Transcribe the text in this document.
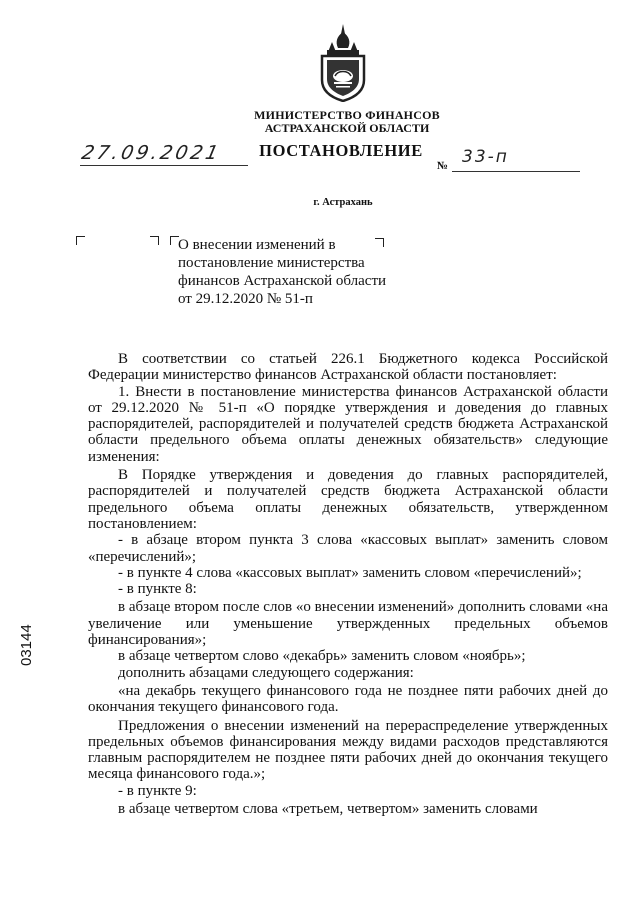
МИНИСТЕРСТВО ФИНАНСОВ
АСТРАХАНСКОЙ ОБЛАСТИ
ПОСТАНОВЛЕНИЕ
27.09.2021
№ 33-п
г. Астрахань
О внесении изменений в постановление министерства финансов Астраханской области от 29.12.2020 № 51-п

В соответствии со статьей 226.1 Бюджетного кодекса Российской Федерации министерство финансов Астраханской области постановляет:

1. Внести в постановление министерства финансов Астраханской области от 29.12.2020 № 51-п «О порядке утверждения и доведения до главных распорядителей, распорядителей и получателей средств бюджета Астраханской области предельного объема оплаты денежных обязательств» следующие изменения:

В Порядке утверждения и доведения до главных распорядителей, распорядителей и получателей средств бюджета Астраханской области предельного объема оплаты денежных обязательств, утвержденном постановлением:

- в абзаце втором пункта 3 слова «кассовых выплат» заменить словом «перечислений»;

- в пункте 4 слова «кассовых выплат» заменить словом «перечислений»;

- в пункте 8:

в абзаце втором после слов «о внесении изменений» дополнить словами «на увеличение или уменьшение утвержденных предельных объемов финансирования»;

в абзаце четвертом слово «декабрь» заменить словом «ноябрь»;

дополнить абзацами следующего содержания:

«на декабрь текущего финансового года не позднее пяти рабочих дней до окончания текущего финансового года.

Предложения о внесении изменений на перераспределение утвержденных предельных объемов финансирования между видами расходов представляются главным распорядителем не позднее пяти рабочих дней до окончания текущего месяца финансового года.»;

- в пункте 9:

в абзаце четвертом слова «третьем, четвертом» заменить словами

03144
